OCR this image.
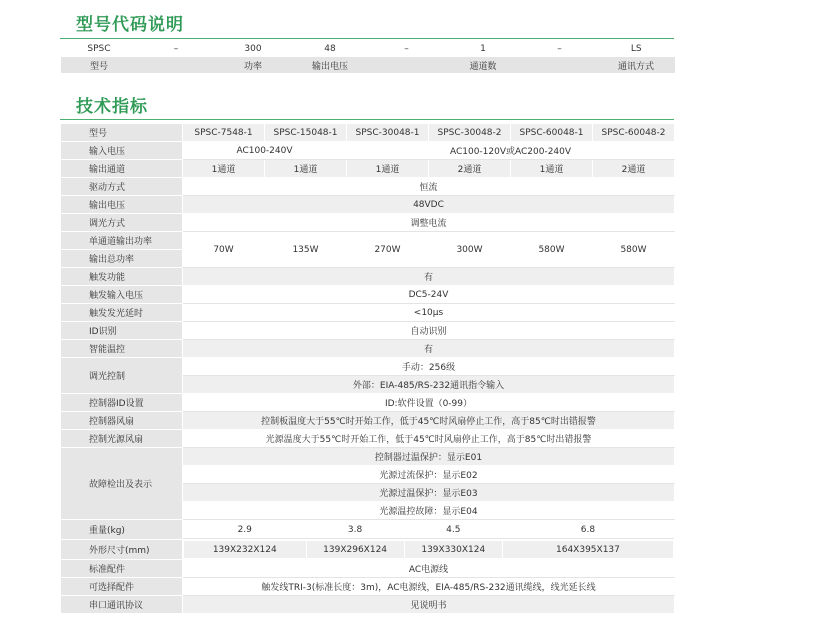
型号代码说明
SPSC	–	300	48	–	1	–	LS
型号		功率	输出电压		通道数		通讯方式
技术指标
型号	SPSC-7548-1	SPSC-15048-1	SPSC-30048-1	SPSC-30048-2	SPSC-60048-1	SPSC-60048-2
输入电压	AC100-240V	AC100-120V或AC200-240V
输出通道	1通道	1通道	1通道	2通道	1通道	2通道
驱动方式	恒流
输出电压	48VDC
调光方式	调整电流
单通道输出功率	70W	135W	270W	300W	580W	580W
输出总功率
触发功能	有
触发输入电压	DC5-24V
触发发光延时	<10μs
ID识别	自动识别
智能温控	有
调光控制	手动：256级
外部：EIA-485/RS-232通讯指令输入
控制器ID设置	ID:软件设置（0-99）
控制器风扇	控制板温度大于55℃时开始工作，低于45℃时风扇停止工作，高于85℃时出错报警
控制光源风扇	光源温度大于55℃时开始工作，低于45℃时风扇停止工作，高于85℃时出错报警
故障检出及表示	控制器过温保护：显示E01
光源过流保护：显示E02
光源过温保护：显示E03
光源温控故障：显示E04
重量(kg)		2.9	3.8	4.5	6.8

外形尺寸(mm)		139X232X124	139X296X124	139X330X124	164X395X137

标准配件	AC电源线
可选择配件	触发线TRI-3(标准长度：3m)，AC电源线，EIA-485/RS-232通讯缆线，线光延长线
串口通讯协议	见说明书
